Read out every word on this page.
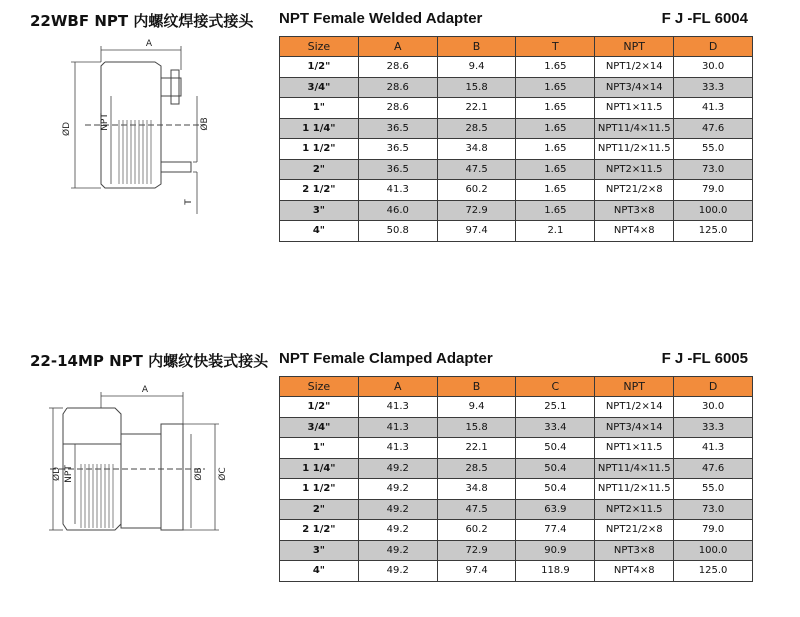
22WBF NPT 内螺纹焊接式接头 NPT Female Welded Adapter	F J -FL 6004
A
ØD	NPT	ØB
T
Size	A	B	T	NPT	D
1/2"	28.6	9.4	1.65	NPT1/2×14	30.0
3/4"	28.6	15.8	1.65	NPT3/4×14	33.3
1"	28.6	22.1	1.65	NPT1×11.5	41.3
1 1/4"	36.5	28.5	1.65	NPT11/4×11.5	47.6
1 1/2"	36.5	34.8	1.65	NPT11/2×11.5	55.0
2"	36.5	47.5	1.65	NPT2×11.5	73.0
2 1/2"	41.3	60.2	1.65	NPT21/2×8	79.0
3"	46.0	72.9	1.65	NPT3×8	100.0
4"	50.8	97.4	2.1	NPT4×8	125.0
22-14MP NPT 内螺纹快装式接头 NPT Female Clamped Adapter	F J -FL 6005
A
ØD NPT	ØB ØC
Size	A	B	C	NPT	D
1/2"	41.3	9.4	25.1	NPT1/2×14	30.0
3/4"	41.3	15.8	33.4	NPT3/4×14	33.3
1"	41.3	22.1	50.4	NPT1×11.5	41.3
1 1/4"	49.2	28.5	50.4	NPT11/4×11.5	47.6
1 1/2"	49.2	34.8	50.4	NPT11/2×11.5	55.0
2"	49.2	47.5	63.9	NPT2×11.5	73.0
2 1/2"	49.2	60.2	77.4	NPT21/2×8	79.0
3"	49.2	72.9	90.9	NPT3×8	100.0
4"	49.2	97.4	118.9	NPT4×8	125.0
